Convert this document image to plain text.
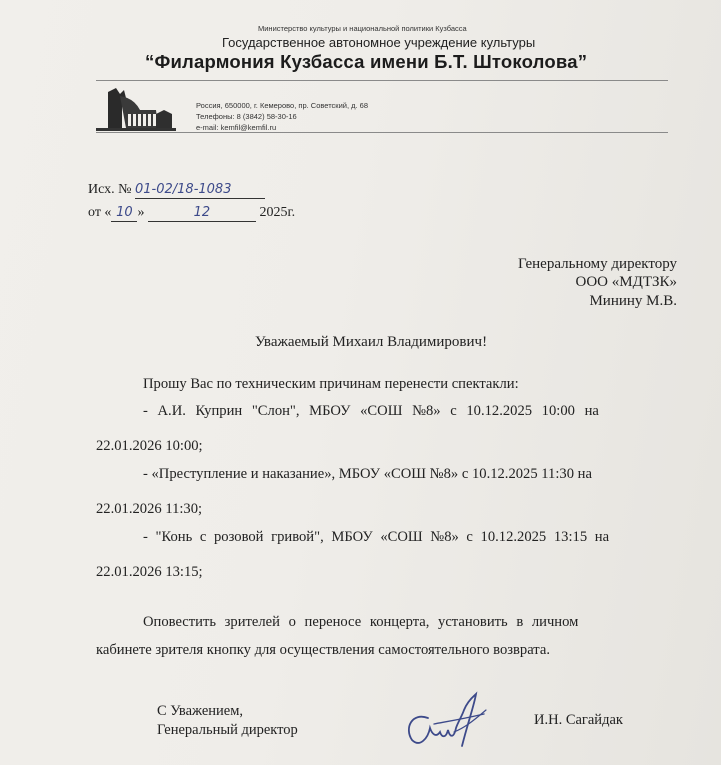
Министерство культуры и национальной политики Кузбасса
Государственное автономное учреждение культуры
“Филармония Кузбасса имени Б.Т. Штоколова”
Россия, 650000, г. Кемерово, пр. Советский, д. 68
Телефоны: 8 (3842) 58-30-16
e-mail: kemfil@kemfil.ru
Исх. № 01-02/18-1083
от « 10 »	12	2025г.
Генеральному директору
ООО «МДТЗК»
Минину М.В.
Уважаемый Михаил Владимирович!
Прошу Вас по техническим причинам перенести спектакли:
- А.И. Куприн "Слон", МБОУ «СОШ №8» с 10.12.2025 10:00 на
22.01.2026 10:00;
- «Преступление и наказание», МБОУ «СОШ №8» с 10.12.2025 11:30 на
22.01.2026 11:30;
- "Конь с розовой гривой", МБОУ «СОШ №8» с 10.12.2025 13:15 на
22.01.2026 13:15;
Оповестить зрителей о переносе концерта, установить в личном
кабинете зрителя кнопку для осуществления самостоятельного возврата.
С Уважением,
Генеральный директор
И.Н. Сагайдак
